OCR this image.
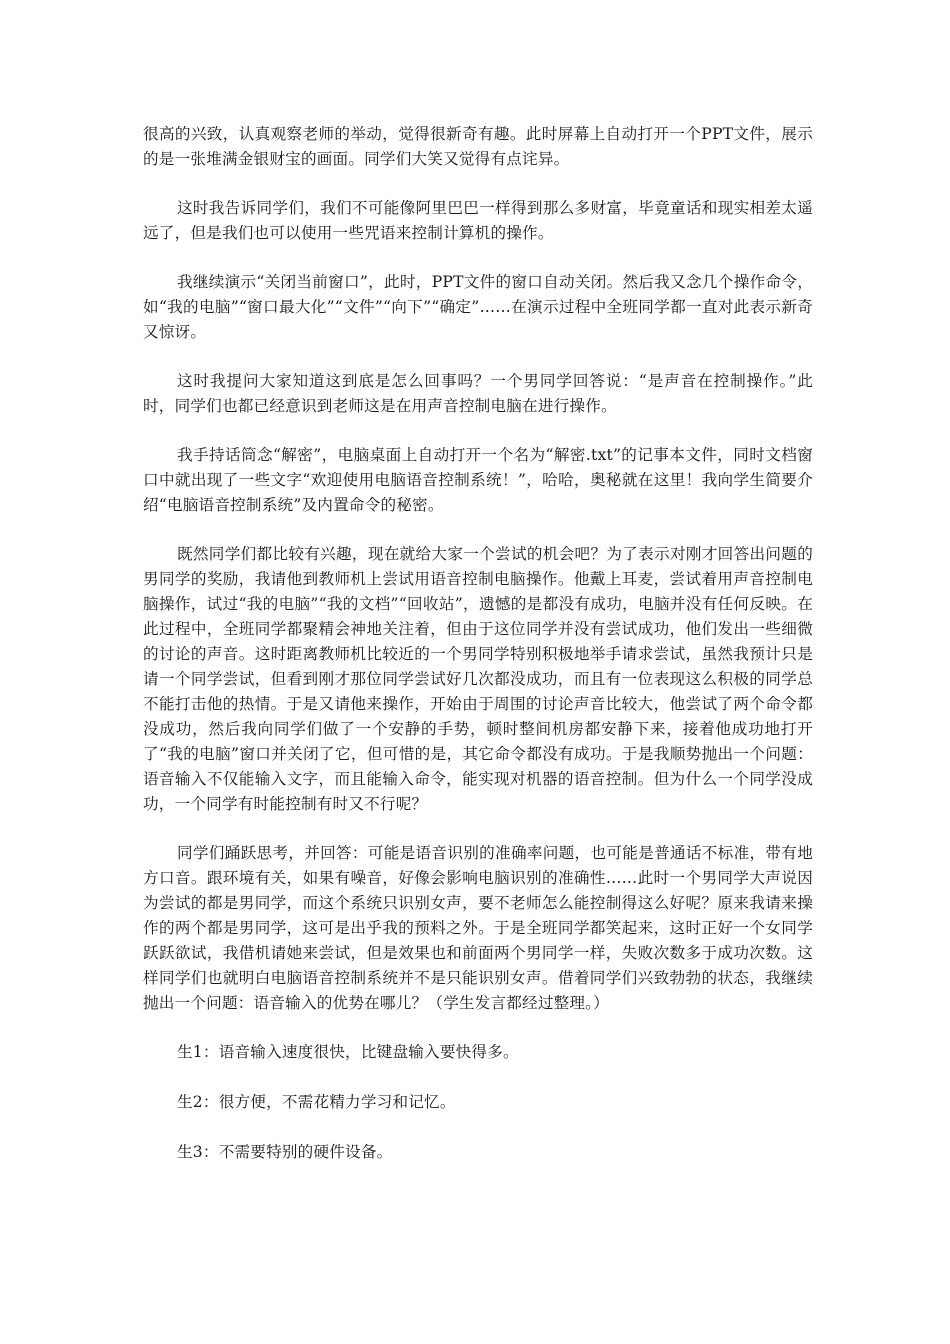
很高的兴致，认真观察老师的举动，觉得很新奇有趣。此时屏幕上自动打开一个PPT文件，展示的是一张堆满金银财宝的画面。同学们大笑又觉得有点诧异。

这时我告诉同学们，我们不可能像阿里巴巴一样得到那么多财富，毕竟童话和现实相差太遥远了，但是我们也可以使用一些咒语来控制计算机的操作。

我继续演示“关闭当前窗口”，此时，PPT文件的窗口自动关闭。然后我又念几个操作命令，如“我的电脑”“窗口最大化”“文件”“向下”“确定”……在演示过程中全班同学都一直对此表示新奇又惊讶。

这时我提问大家知道这到底是怎么回事吗？一个男同学回答说：“是声音在控制操作。”此时，同学们也都已经意识到老师这是在用声音控制电脑在进行操作。

我手持话筒念“解密”，电脑桌面上自动打开一个名为“解密.txt”的记事本文件，同时文档窗口中就出现了一些文字“欢迎使用电脑语音控制系统！”，哈哈，奥秘就在这里！我向学生简要介绍“电脑语音控制系统”及内置命令的秘密。

既然同学们都比较有兴趣，现在就给大家一个尝试的机会吧？为了表示对刚才回答出问题的男同学的奖励，我请他到教师机上尝试用语音控制电脑操作。他戴上耳麦，尝试着用声音控制电脑操作，试过“我的电脑”“我的文档”“回收站”，遗憾的是都没有成功，电脑并没有任何反映。在此过程中，全班同学都聚精会神地关注着，但由于这位同学并没有尝试成功，他们发出一些细微的讨论的声音。这时距离教师机比较近的一个男同学特别积极地举手请求尝试，虽然我预计只是请一个同学尝试，但看到刚才那位同学尝试好几次都没成功，而且有一位表现这么积极的同学总不能打击他的热情。于是又请他来操作，开始由于周围的讨论声音比较大，他尝试了两个命令都没成功，然后我向同学们做了一个安静的手势，顿时整间机房都安静下来，接着他成功地打开了“我的电脑”窗口并关闭了它，但可惜的是，其它命令都没有成功。于是我顺势抛出一个问题：语音输入不仅能输入文字，而且能输入命令，能实现对机器的语音控制。但为什么一个同学没成功，一个同学有时能控制有时又不行呢？

同学们踊跃思考，并回答：可能是语音识别的准确率问题，也可能是普通话不标准，带有地方口音。跟环境有关，如果有噪音，好像会影响电脑识别的准确性……此时一个男同学大声说因为尝试的都是男同学，而这个系统只识别女声，要不老师怎么能控制得这么好呢？原来我请来操作的两个都是男同学，这可是出乎我的预料之外。于是全班同学都笑起来，这时正好一个女同学跃跃欲试，我借机请她来尝试，但是效果也和前面两个男同学一样，失败次数多于成功次数。这样同学们也就明白电脑语音控制系统并不是只能识别女声。借着同学们兴致勃勃的状态，我继续抛出一个问题：语音输入的优势在哪儿？（学生发言都经过整理。）

生1：语音输入速度很快，比键盘输入要快得多。

生2：很方便，不需花精力学习和记忆。

生3：不需要特别的硬件设备。
